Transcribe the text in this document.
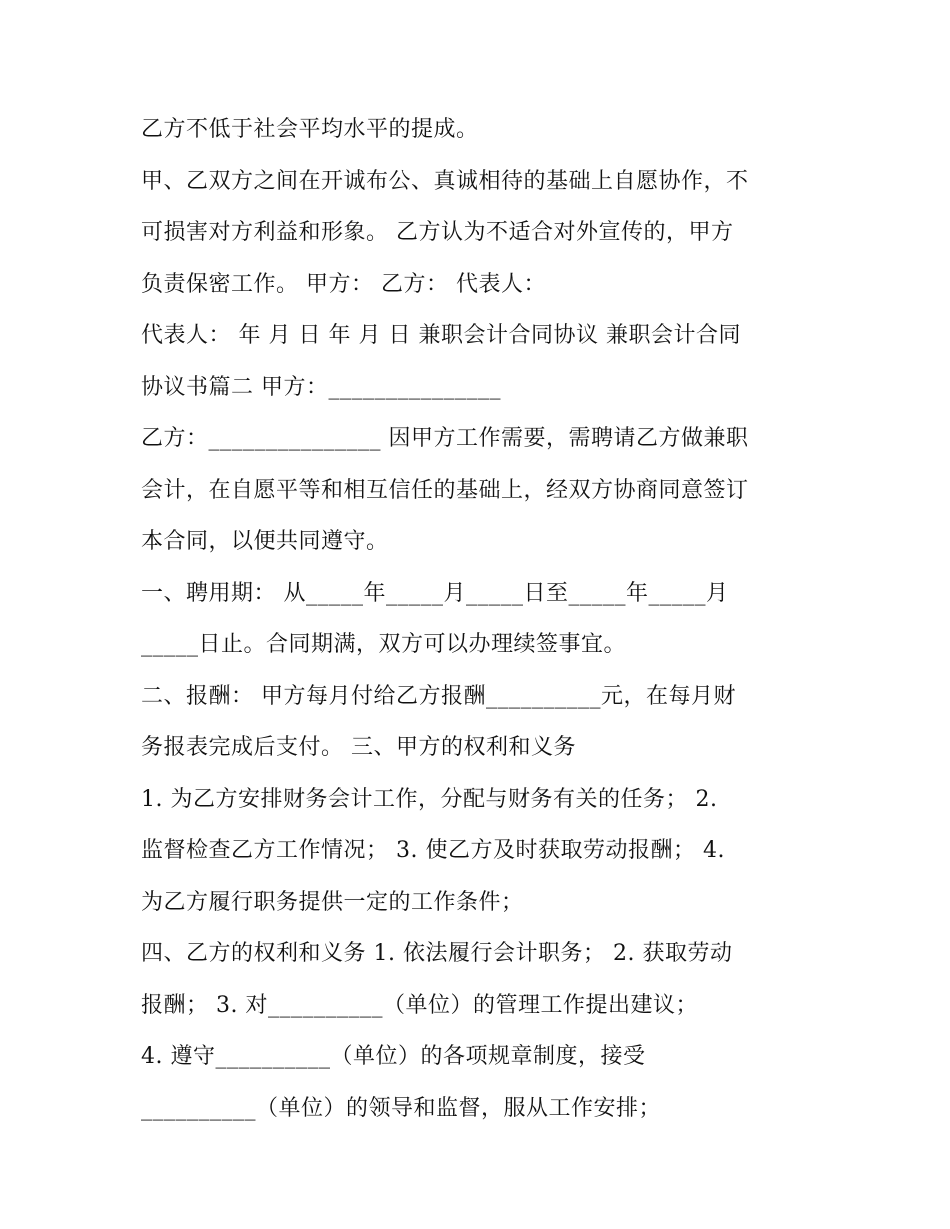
乙方不低于社会平均水平的提成。
甲、乙双方之间在开诚布公、真诚相待的基础上自愿协作，不
可损害对方利益和形象。 乙方认为不适合对外宣传的，甲方
负责保密工作。 甲方： 乙方： 代表人：
代表人： 年 月 日 年 月 日 兼职会计合同协议 兼职会计合同
协议书篇二 甲方：_______________
乙方：_______________ 因甲方工作需要，需聘请乙方做兼职
会计，在自愿平等和相互信任的基础上，经双方协商同意签订
本合同，以便共同遵守。
一、聘用期： 从_____年_____月_____日至_____年_____月
_____日止。合同期满，双方可以办理续签事宜。
二、报酬： 甲方每月付给乙方报酬__________元，在每月财
务报表完成后支付。 三、甲方的权利和义务
1. 为乙方安排财务会计工作，分配与财务有关的任务； 2.
监督检查乙方工作情况； 3. 使乙方及时获取劳动报酬； 4.
为乙方履行职务提供一定的工作条件；
四、乙方的权利和义务 1. 依法履行会计职务； 2. 获取劳动
报酬； 3. 对__________（单位）的管理工作提出建议；
4. 遵守__________（单位）的各项规章制度，接受
__________（单位）的领导和监督，服从工作安排；
